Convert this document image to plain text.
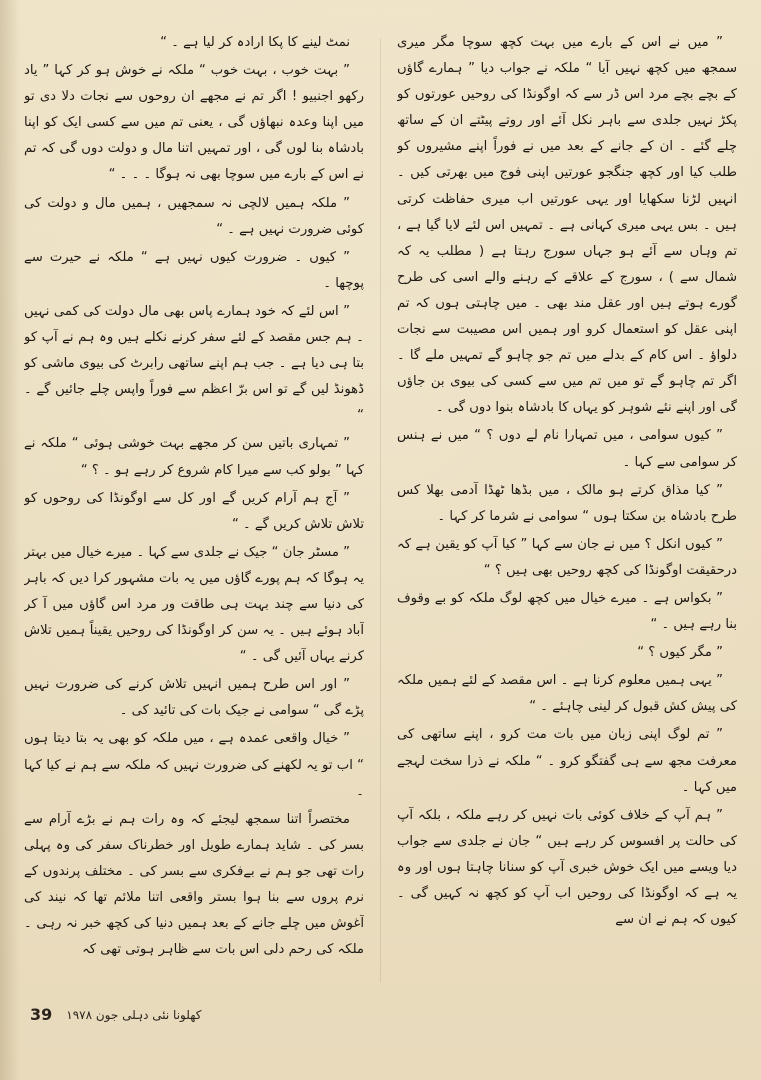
نمٹ لینے کا پکا ارادہ کر لیا ہے ۔ “

” بہت خوب ، بہت خوب “ ملکہ نے خوش ہو کر کہا ” یاد رکھو اجنبیو ! اگر تم نے مجھے ان روحوں سے نجات دلا دی تو میں اپنا وعدہ نبھاؤں گی ، یعنی تم میں سے کسی ایک کو اپنا بادشاہ بنا لوں گی ، اور تمہیں اتنا مال و دولت دوں گی کہ تم نے اس کے بارے میں سوچا بھی نہ ہوگا ۔ ۔ ۔ “

” ملکہ ہمیں لالچی نہ سمجھیں ، ہمیں مال و دولت کی کوئی ضرورت نہیں ہے ۔ “

” کیوں ۔ ضرورت کیوں نہیں ہے “ ملکہ نے حیرت سے پوچھا ۔

” اس لئے کہ خود ہمارے پاس بھی مال دولت کی کمی نہیں ۔ ہم جس مقصد کے لئے سفر کرنے نکلے ہیں وہ ہم نے آپ کو بتا ہی دیا ہے ۔ جب ہم اپنے ساتھی رابرٹ کی بیوی ماشی کو ڈھونڈ لیں گے تو اس برّ اعظم سے فوراً واپس چلے جائیں گے ۔ “

” تمہاری باتیں سن کر مجھے بہت خوشی ہوئی “ ملکہ نے کہا ” بولو کب سے میرا کام شروع کر رہے ہو ۔ ؟ “

” آج ہم آرام کریں گے اور کل سے اوگونڈا کی روحوں کو تلاش تلاش کریں گے ۔ “

” مسٹر جان “ جیک نے جلدی سے کہا ۔ میرے خیال میں بہتر یہ ہوگا کہ ہم پورے گاؤں میں یہ بات مشہور کرا دیں کہ باہر کی دنیا سے چند بہت ہی طاقت ور مرد اس گاؤں میں آ کر آباد ہوئے ہیں ۔ یہ سن کر اوگونڈا کی روحیں یقیناً ہمیں تلاش کرنے یہاں آئیں گی ۔ “

” اور اس طرح ہمیں انہیں تلاش کرنے کی ضرورت نہیں پڑے گی “ سوامی نے جیک بات کی تائید کی ۔

” خیال واقعی عمدہ ہے ، میں ملکہ کو بھی یہ بتا دیتا ہوں “ اب تو یہ لکھنے کی ضرورت نہیں کہ ملکہ سے ہم نے کیا کہا ۔

مختصراً اتنا سمجھ لیجئے کہ وہ رات ہم نے بڑے آرام سے بسر کی ۔ شاید ہمارے طویل اور خطرناک سفر کی وہ پہلی رات تھی جو ہم نے بےفکری سے بسر کی ۔ مختلف پرندوں کے نرم پروں سے بنا ہوا بستر واقعی اتنا ملائم تھا کہ نیند کی آغوش میں چلے جانے کے بعد ہمیں دنیا کی کچھ خبر نہ رہی ۔ ملکہ کی رحم دلی اس بات سے ظاہر ہوتی تھی کہ

” میں نے اس کے بارے میں بہت کچھ سوچا مگر میری سمجھ میں کچھ نہیں آیا “ ملکہ نے جواب دیا ” ہمارے گاؤں کے بچے بچے مرد اس ڈر سے کہ اوگونڈا کی روحیں عورتوں کو پکڑ نہیں جلدی سے باہر نکل آئے اور روتے پیٹتے ان کے ساتھ چلے گئے ۔ ان کے جانے کے بعد میں نے فوراً اپنے مشیروں کو طلب کیا اور کچھ جنگجو عورتیں اپنی فوج میں بھرتی کیں ۔ انہیں لڑنا سکھایا اور یہی عورتیں اب میری حفاظت کرتی ہیں ۔ بس یہی میری کہانی ہے ۔ تمہیں اس لئے لایا گیا ہے ، تم وہاں سے آئے ہو جہاں سورج رہتا ہے ( مطلب یہ کہ شمال سے ) ، سورج کے علاقے کے رہنے والے اسی کی طرح گورے ہوتے ہیں اور عقل مند بھی ۔ میں چاہتی ہوں کہ تم اپنی عقل کو استعمال کرو اور ہمیں اس مصیبت سے نجات دلواؤ ۔ اس کام کے بدلے میں تم جو چاہو گے تمہیں ملے گا ۔ اگر تم چاہو گے تو میں تم میں سے کسی کی بیوی بن جاؤں گی اور اپنے نئے شوہر کو یہاں کا بادشاہ بنوا دوں گی ۔

” کیوں سوامی ، میں تمہارا نام لے دوں ؟ “ میں نے ہنس کر سوامی سے کہا ۔

” کیا مذاق کرتے ہو مالک ، میں بڈھا ٹھڈا آدمی بھلا کس طرح بادشاہ بن سکتا ہوں “ سوامی نے شرما کر کہا ۔

” کیوں انکل ؟ میں نے جان سے کہا ” کیا آپ کو یقین ہے کہ درحقیقت اوگونڈا کی کچھ روحیں بھی ہیں ؟ “

” بکواس ہے ۔ میرے خیال میں کچھ لوگ ملکہ کو بے وقوف بنا رہے ہیں ۔ “

” مگر کیوں ؟ “

” یہی ہمیں معلوم کرنا ہے ۔ اس مقصد کے لئے ہمیں ملکہ کی پیش کش قبول کر لینی چاہئے ۔ “

” تم لوگ اپنی زبان میں بات مت کرو ، اپنے ساتھی کی معرفت مجھ سے ہی گفتگو کرو ۔ “ ملکہ نے ذرا سخت لہجے میں کہا ۔

” ہم آپ کے خلاف کوئی بات نہیں کر رہے ملکہ ، بلکہ آپ کی حالت پر افسوس کر رہے ہیں “ جان نے جلدی سے جواب دیا ویسے میں ایک خوش خبری آپ کو سنانا چاہتا ہوں اور وہ یہ ہے کہ اوگونڈا کی روحیں اب آپ کو کچھ نہ کہیں گی ۔ کیوں کہ ہم نے ان سے

39 کھلونا نئی دہلی جون ۱۹۷۸
